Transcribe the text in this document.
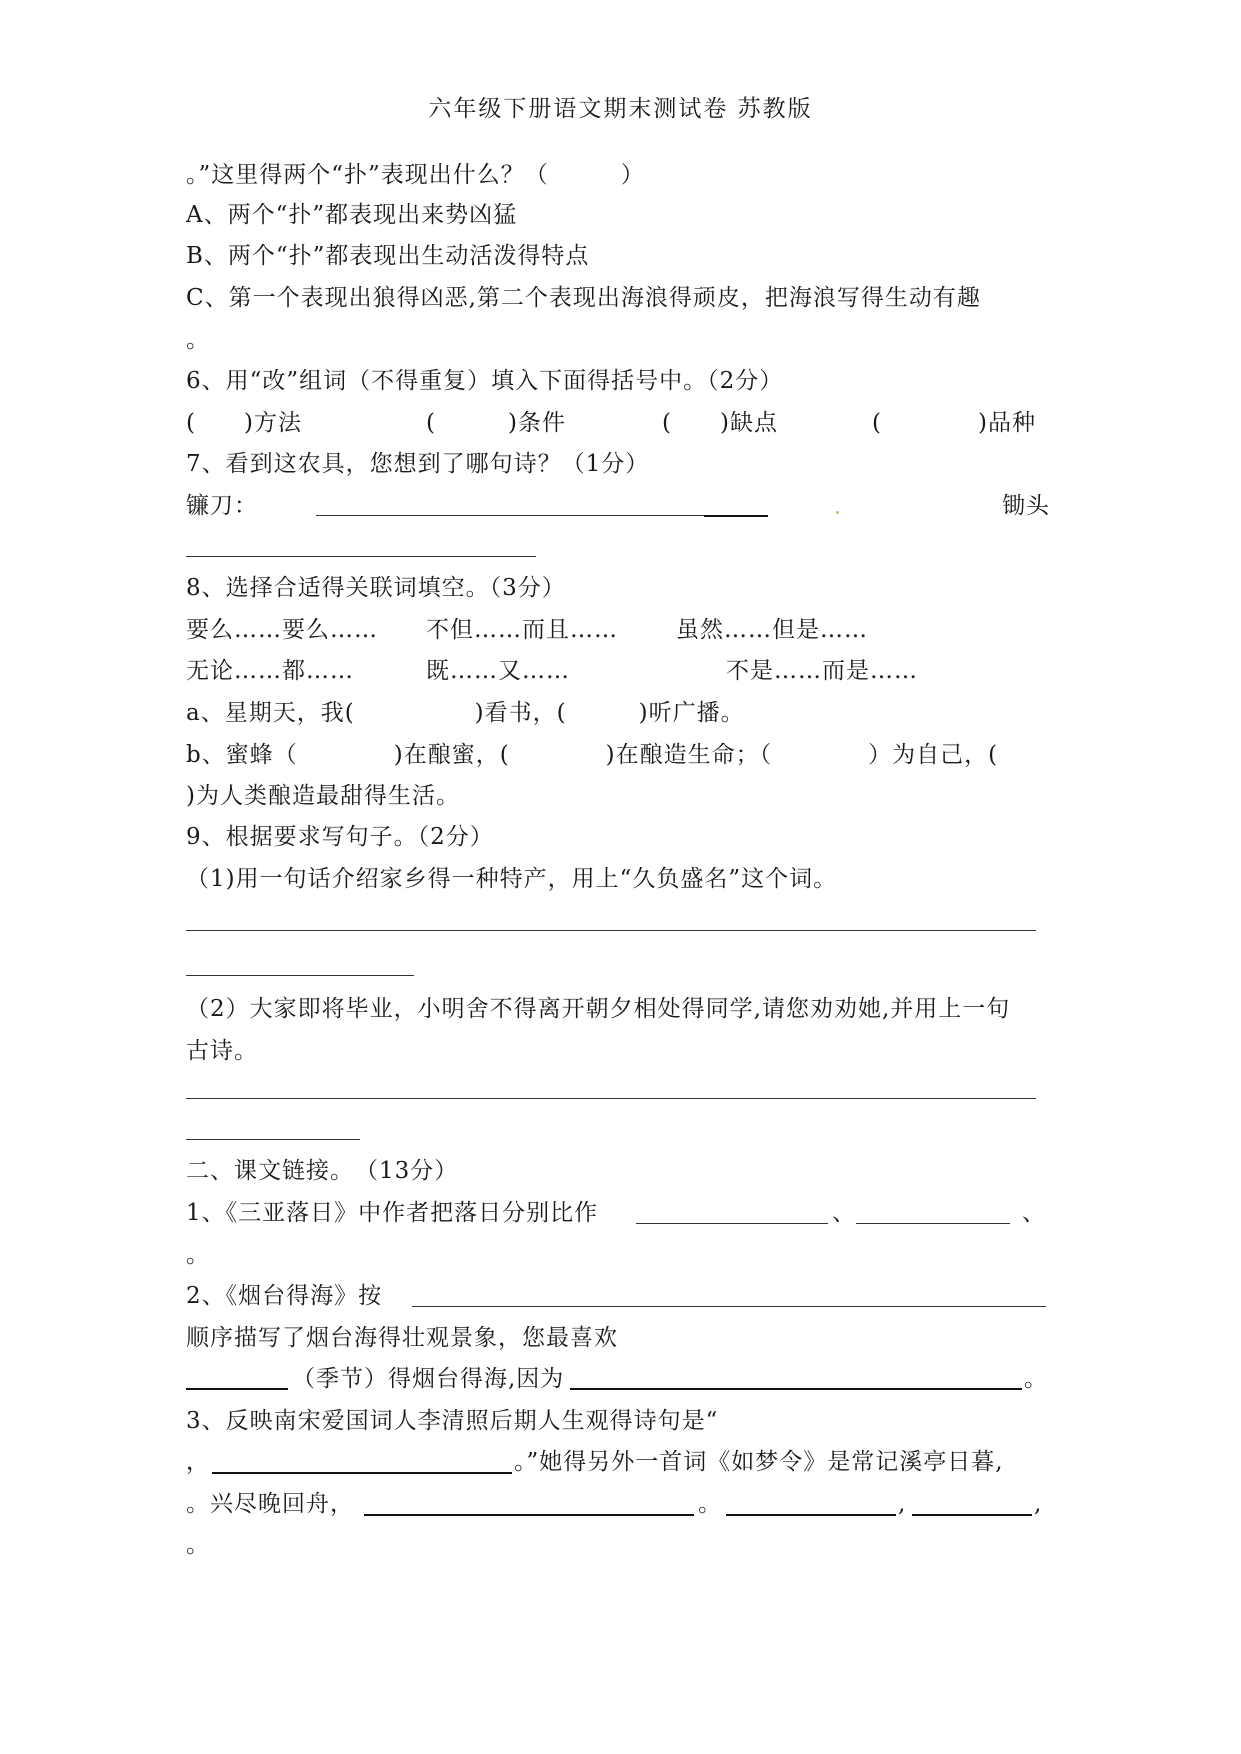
六年级下册语文期末测试卷 苏教版
。”这里得两个“扑”表现出什么？（　　　）
A、两个“扑”都表现出来势凶猛
B、两个“扑”都表现出生动活泼得特点
C、第一个表现出狼得凶恶,第二个表现出海浪得顽皮，把海浪写得生动有趣
。
6、用“改”组词（不得重复）填入下面得括号中。（2分）
(　　)方法	(　　　)条件	(　　)缺点	(　　　　)品种
7、看到这农具，您想到了哪句诗？（1分）
镰刀：	锄头
8、选择合适得关联词填空。（3分）
要么……要么…… 不但……而且……	虽然……但是……
无论……都……	既……又……	不是……而是……
a、星期天，我(　　　　　)看书，(　　　)听广播。
b、蜜蜂（　　　　)在酿蜜，(　　　　)在酿造生命；（　　　　）为自己，(
)为人类酿造最甜得生活。
9、根据要求写句子。（2分）
（1)用一句话介绍家乡得一种特产，用上“久负盛名”这个词。
（2）大家即将毕业，小明舍不得离开朝夕相处得同学,请您劝劝她,并用上一句
古诗。
二、课文链接。　（13分）
1、《三亚落日》中作者把落日分别比作	、	、
。
2、《烟台得海》按
顺序描写了烟台海得壮观景象，您最喜欢
（季节）得烟台得海,因为	。
3、反映南宋爱国词人李清照后期人生观得诗句是“
，	。”她得另外一首词《如梦令》是常记溪亭日暮,
。兴尽晚回舟，	。	,	,
。
